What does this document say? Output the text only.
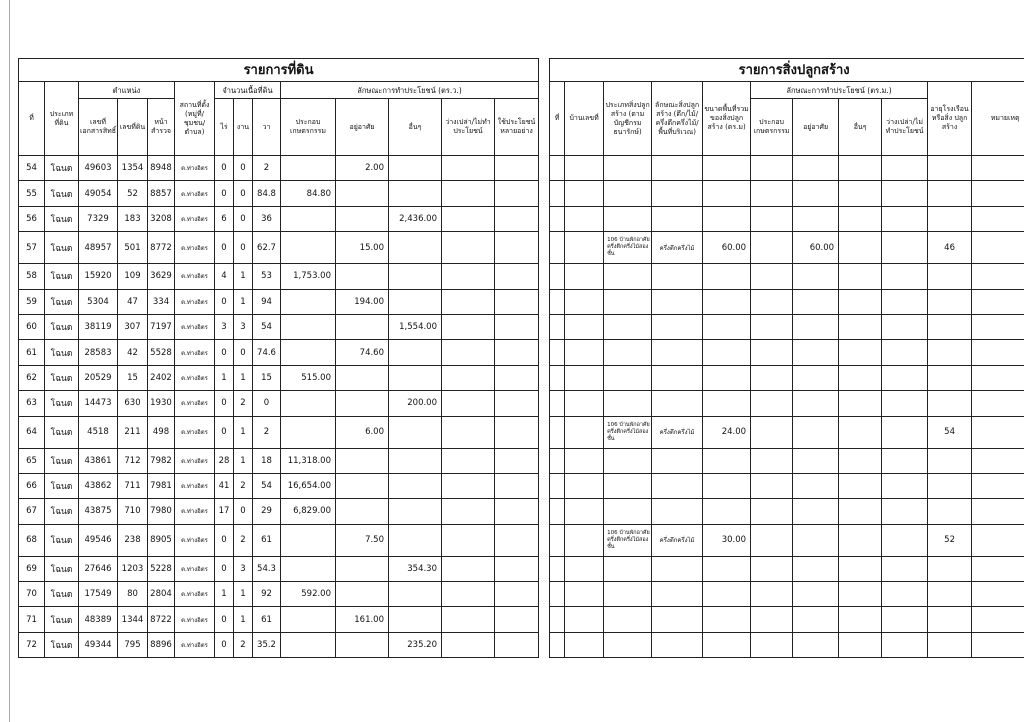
รายการที่ดิน															รายการสิ่งปลูกสร้าง										
ที่	ประเภทที่ดิน	ตำแหน่ง			สถานที่ตั้ง (หมู่ที่/ชุมชน/ตำบล)	จำนวนเนื้อที่ดิน			ลักษณะการทำประโยชน์ (ตร.ว.)						ที่	บ้านเลขที่	ประเภทสิ่งปลูกสร้าง (ตามบัญชีกรมธนารักษ์)	ลักษณะสิ่งปลูกสร้าง (ตึก/ไม้/ครึ่งตึกครึ่งไม้/ พื้นที่บริเวณ)	ขนาดพื้นที่รวมของสิ่งปลูกสร้าง (ตร.ม)	ลักษณะการทำประโยชน์ (ตร.ม.)				อายุโรงเรือนหรือสิ่ง ปลูกสร้าง	หมายเหตุ
		เลขที่เอกสารสิทธิ์	เลขที่ดิน	หน้าสำรวจ		ไร่	งาน	วา	ประกอบเกษตรกรรม	อยู่อาศัย	อื่นๆ	ว่างเปล่า/ไม่ทำประโยชน์	ใช้ประโยชน์หลายอย่าง							ประกอบเกษตรกรรม	อยู่อาศัย	อื่นๆ	ว่างเปล่า/ไม่ทำประโยชน์		

54	โฉนด	49603	1354	8948	ต.ท่างอิตร	0	0	2		2.00															
55	โฉนด	49054	52	8857	ต.ท่างอิตร	0	0	84.8	84.80																
56	โฉนด	7329	183	3208	ต.ท่างอิตร	6	0	36			2,436.00														
57	โฉนด	48957	501	8772	ต.ท่างอิตร	0	0	62.7		15.00							106 บ้านพักอาศัยครึ่งตึกครึ่งไม้สองชั้น	ครึ่งตึกครึ่งไม้	60.00		60.00			46	
58	โฉนด	15920	109	3629	ต.ท่างอิตร	4	1	53	1,753.00																
59	โฉนด	5304	47	334	ต.ท่างอิตร	0	1	94		194.00															
60	โฉนด	38119	307	7197	ต.ท่างอิตร	3	3	54			1,554.00														
61	โฉนด	28583	42	5528	ต.ท่างอิตร	0	0	74.6		74.60															
62	โฉนด	20529	15	2402	ต.ท่างอิตร	1	1	15	515.00																
63	โฉนด	14473	630	1930	ต.ท่างอิตร	0	2	0			200.00														
64	โฉนด	4518	211	498	ต.ท่างอิตร	0	1	2		6.00							106 บ้านพักอาศัยครึ่งตึกครึ่งไม้สองชั้น	ครึ่งตึกครึ่งไม้	24.00					54	
65	โฉนด	43861	712	7982	ต.ท่างอิตร	28	1	18	11,318.00																
66	โฉนด	43862	711	7981	ต.ท่างอิตร	41	2	54	16,654.00																
67	โฉนด	43875	710	7980	ต.ท่างอิตร	17	0	29	6,829.00																
68	โฉนด	49546	238	8905	ต.ท่างอิตร	0	2	61		7.50							106 บ้านพักอาศัยครึ่งตึกครึ่งไม้สองชั้น	ครึ่งตึกครึ่งไม้	30.00					52	
69	โฉนด	27646	1203	5228	ต.ท่างอิตร	0	3	54.3			354.30														
70	โฉนด	17549	80	2804	ต.ท่างอิตร	1	1	92	592.00																
71	โฉนด	48389	1344	8722	ต.ท่างอิตร	0	1	61		161.00															
72	โฉนด	49344	795	8896	ต.ท่างอิตร	0	2	35.2			235.20														
